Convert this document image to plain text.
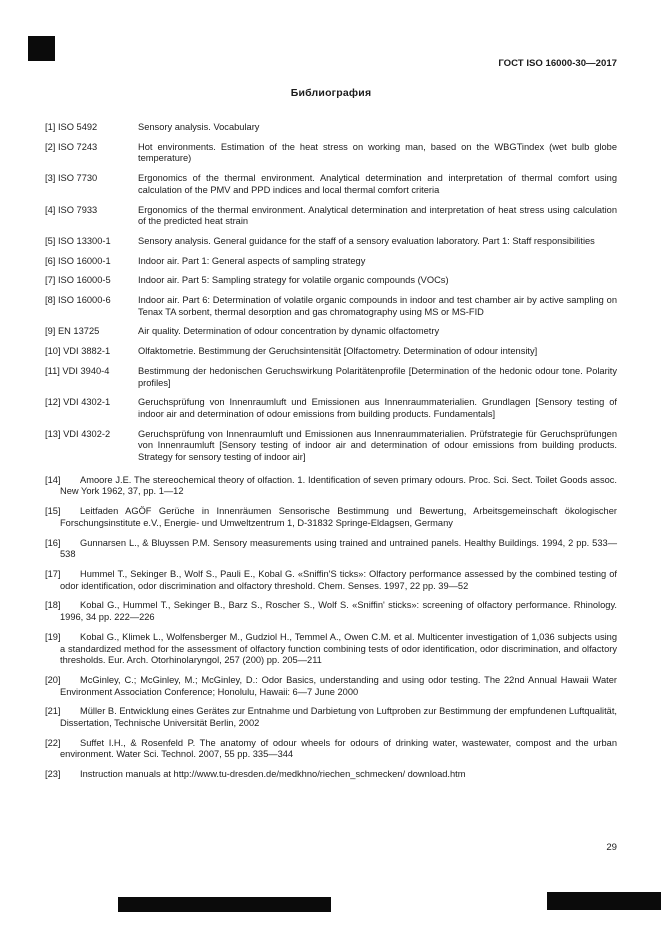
ГОСТ ISO 16000-30—2017
Библиография
[1] ISO 5492	Sensory analysis. Vocabulary
[2] ISO 7243	Hot environments. Estimation of the heat stress on working man, based on the WBGTindex (wet bulb globe temperature)
[3] ISO 7730	Ergonomics of the thermal environment. Analytical determination and interpretation of thermal comfort using calculation of the PMV and PPD indices and local thermal comfort criteria
[4] ISO 7933	Ergonomics of the thermal environment. Analytical determination and interpretation of heat stress using calculation of the predicted heat strain
[5] ISO 13300-1	Sensory analysis. General guidance for the staff of a sensory evaluation laboratory. Part 1: Staff responsibilities
[6] ISO 16000-1	Indoor air. Part 1: General aspects of sampling strategy
[7] ISO 16000-5	Indoor air. Part 5: Sampling strategy for volatile organic compounds (VOCs)
[8] ISO 16000-6	Indoor air. Part 6: Determination of volatile organic compounds in indoor and test chamber air by active sampling on Tenax TA sorbent, thermal desorption and gas chromatography using MS or MS-FID
[9] EN 13725	Air quality. Determination of odour concentration by dynamic olfactometry
[10] VDI 3882-1	Olfaktometrie. Bestimmung der Geruchsintensität [Olfactometry. Determination of odour intensity]
[11] VDI 3940-4	Bestimmung der hedonischen Geruchswirkung Polaritätenprofile [Determination of the hedonic odour tone. Polarity profiles]
[12] VDI 4302-1	Geruchsprüfung von Innenraumluft und Emissionen aus Innenraummaterialien. Grundlagen [Sensory testing of indoor air and determination of odour emissions from building products. Fundamentals]
[13] VDI 4302-2	Geruchsprüfung von Innenraumluft und Emissionen aus Innenraummaterialien. Prüfstrategie für Geruchsprüfungen von Innenraumluft [Sensory testing of indoor air and determination of odour emissions from building products. Strategy for sensory testing of indoor air]
[14] Amoore J.E. The stereochemical theory of olfaction. 1. Identification of seven primary odours. Proc. Sci. Sect. Toilet Goods assoc. New York 1962, 37, pp. 1—12
[15] Leitfaden AGÖF Gerüche in Innenräumen Sensorische Bestimmung und Bewertung, Arbeitsgemeinschaft ökologischer Forschungsinstitute e.V., Energie- und Umweltzentrum 1, D-31832 Springe-Eldagsen, Germany
[16] Gunnarsen L., & Bluyssen P.M. Sensory measurements using trained and untrained panels. Healthy Buildings. 1994, 2 pp. 533—538
[17] Hummel T., Sekinger B., Wolf S., Pauli E., Kobal G. «Sniffin'S ticks»: Olfactory performance assessed by the combined testing of odor identification, odor discrimination and olfactory threshold. Chem. Senses. 1997, 22 pp. 39—52
[18] Kobal G., Hummel T., Sekinger B., Barz S., Roscher S., Wolf S. «Sniffin' sticks»: screening of olfactory performance. Rhinology. 1996, 34 pp. 222—226
[19] Kobal G., Klimek L., Wolfensberger M., Gudziol H., Temmel A., Owen C.M. et al. Multicenter investigation of 1,036 subjects using a standardized method for the assessment of olfactory function combining tests of odor identification, odor discrimination, and olfactory thresholds. Eur. Arch. Otorhinolaryngol, 257 (200) pp. 205—211
[20] McGinley, C.; McGinley, M.; McGinley, D.: Odor Basics, understanding and using odor testing. The 22nd Annual Hawaii Water Environment Association Conference; Honolulu, Hawaii: 6—7 June 2000
[21] Müller B. Entwicklung eines Gerätes zur Entnahme und Darbietung von Luftproben zur Bestimmung der empfundenen Luftqualität, Dissertation, Technische Universität Berlin, 2002
[22] Suffet I.H., & Rosenfeld P. The anatomy of odour wheels for odours of drinking water, wastewater, compost and the urban environment. Water Sci. Technol. 2007, 55 pp. 335—344
[23] Instruction manuals at http://www.tu-dresden.de/medkhno/riechen_schmecken/ download.htm
29
